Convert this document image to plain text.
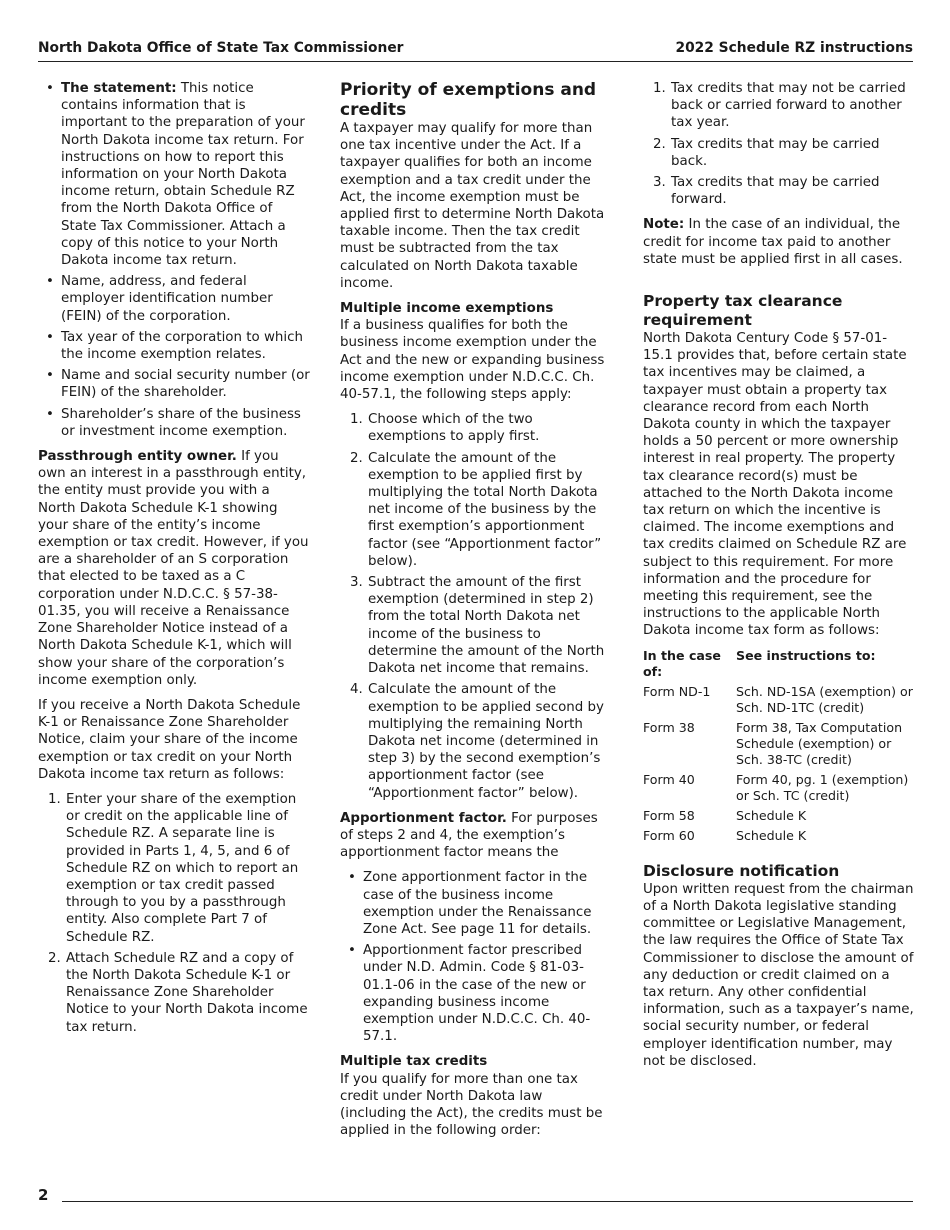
North Dakota Office of State Tax Commissioner	2022 Schedule RZ instructions
• The statement: This notice contains information that is important to the preparation of your North Dakota income tax return. For instructions on how to report this information on your North Dakota income return, obtain Schedule RZ from the North Dakota Office of State Tax Commissioner. Attach a copy of this notice to your North Dakota income tax return.
• Name, address, and federal employer identification number (FEIN) of the corporation.
• Tax year of the corporation to which the income exemption relates.
• Name and social security number (or FEIN) of the shareholder.
• Shareholder’s share of the business or investment income exemption.

Passthrough entity owner. If you own an interest in a passthrough entity, the entity must provide you with a North Dakota Schedule K-1 showing your share of the entity’s income exemption or tax credit. However, if you are a shareholder of an S corporation that elected to be taxed as a C corporation under N.D.C.C. § 57-38-01.35, you will receive a Renaissance Zone Shareholder Notice instead of a North Dakota Schedule K-1, which will show your share of the corporation’s income exemption only.

If you receive a North Dakota Schedule K-1 or Renaissance Zone Shareholder Notice, claim your share of the income exemption or tax credit on your North Dakota income tax return as follows:

1. Enter your share of the exemption or credit on the applicable line of Schedule RZ. A separate line is provided in Parts 1, 4, 5, and 6 of Schedule RZ on which to report an exemption or tax credit passed through to you by a passthrough entity. Also complete Part 7 of Schedule RZ.
2. Attach Schedule RZ and a copy of the North Dakota Schedule K-1 or Renaissance Zone Shareholder Notice to your North Dakota income tax return.
Priority of exemptions and credits

A taxpayer may qualify for more than one tax incentive under the Act. If a taxpayer qualifies for both an income exemption and a tax credit under the Act, the income exemption must be applied first to determine North Dakota taxable income. Then the tax credit must be subtracted from the tax calculated on North Dakota taxable income.

Multiple income exemptions

If a business qualifies for both the business income exemption under the Act and the new or expanding business income exemption under N.D.C.C. Ch. 40-57.1, the following steps apply:

1. Choose which of the two exemptions to apply first.
2. Calculate the amount of the exemption to be applied first by multiplying the total North Dakota net income of the business by the first exemption’s apportionment factor (see “Apportionment factor” below).
3. Subtract the amount of the first exemption (determined in step 2) from the total North Dakota net income of the business to determine the amount of the North Dakota net income that remains.
4. Calculate the amount of the exemption to be applied second by multiplying the remaining North Dakota net income (determined in step 3) by the second exemption’s apportionment factor (see “Apportionment factor” below).

Apportionment factor. For purposes of steps 2 and 4, the exemption’s apportionment factor means the

• Zone apportionment factor in the case of the business income exemption under the Renaissance Zone Act. See page 11 for details.
• Apportionment factor prescribed under N.D. Admin. Code § 81-03-01.1-06 in the case of the new or expanding business income exemption under N.D.C.C. Ch. 40-57.1.
Multiple tax credits

If you qualify for more than one tax credit under North Dakota law (including the Act), the credits must be applied in the following order:

1. Tax credits that may not be carried back or carried forward to another tax year.
2. Tax credits that may be carried back.
3. Tax credits that may be carried forward.

Note: In the case of an individual, the credit for income tax paid to another state must be applied first in all cases.

Property tax clearance requirement

North Dakota Century Code § 57-01-15.1 provides that, before certain state tax incentives may be claimed, a taxpayer must obtain a property tax clearance record from each North Dakota county in which the taxpayer holds a 50 percent or more ownership interest in real property. The property tax clearance record(s) must be attached to the North Dakota income tax return on which the incentive is claimed. The income exemptions and tax credits claimed on Schedule RZ are subject to this requirement. For more information and the procedure for meeting this requirement, see the instructions to the applicable North Dakota income tax form as follows:

In the case of:	See instructions to:
Form ND-1	Sch. ND-1SA (exemption) or Sch. ND-1TC (credit)
Form 38	Form 38, Tax Computation Schedule (exemption) or Sch. 38-TC (credit)
Form 40	Form 40, pg. 1 (exemption) or Sch. TC (credit)
Form 58	Schedule K
Form 60	Schedule K
Disclosure notification

Upon written request from the chairman of a North Dakota legislative standing committee or Legislative Management, the law requires the Office of State Tax Commissioner to disclose the amount of any deduction or credit claimed on a tax return. Any other confidential information, such as a taxpayer’s name, social security number, or federal employer identification number, may not be disclosed.

2
